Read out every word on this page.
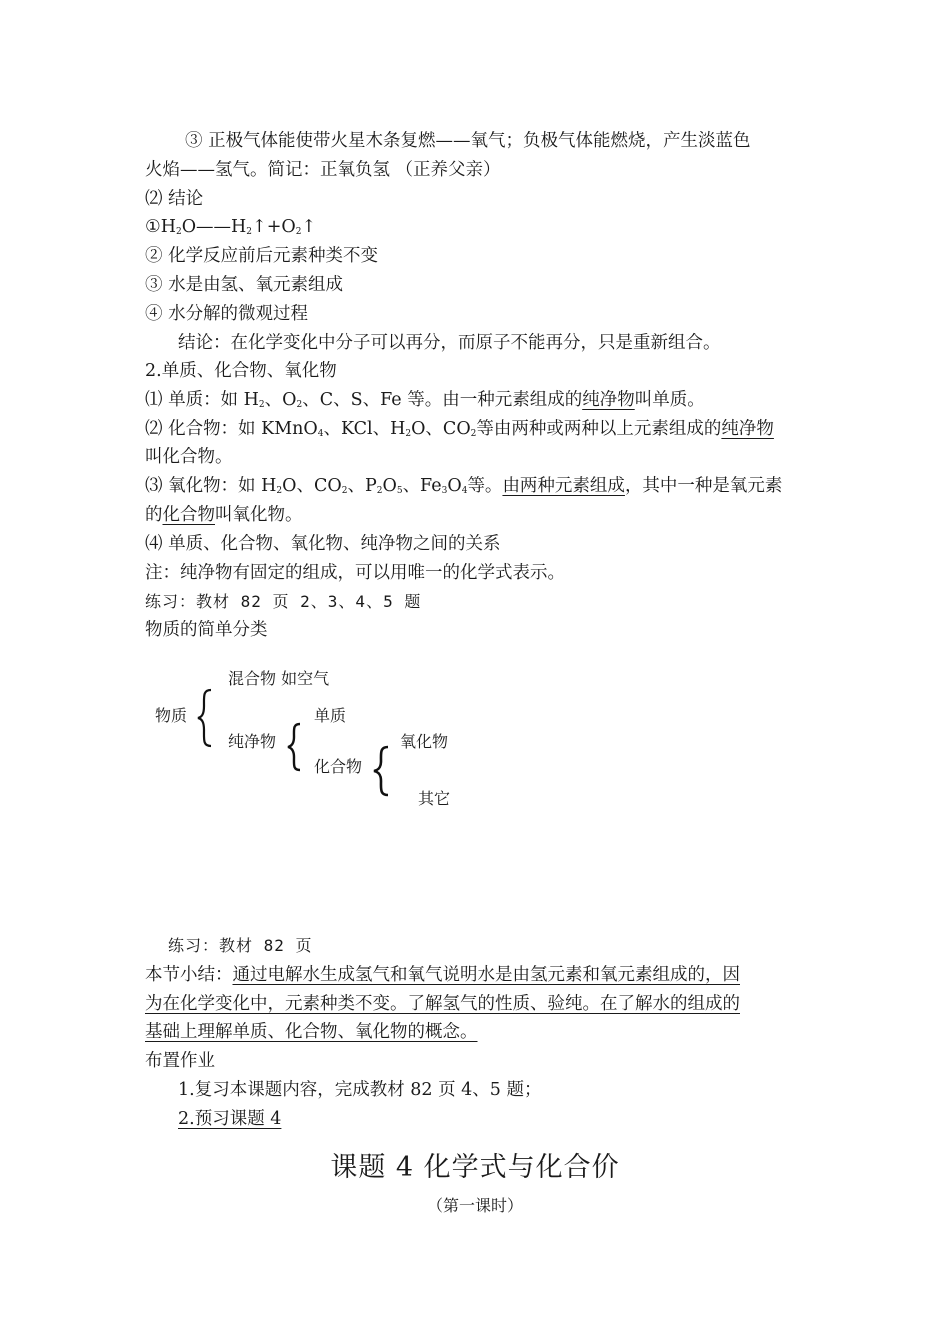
③ 正极气体能使带火星木条复燃——氧气；负极气体能燃烧，产生淡蓝色
火焰——氢气。简记：正氧负氢 （正养父亲）
⑵ 结论
$①H_2O——H_2↑+O_2↑$
② 化学反应前后元素种类不变
③ 水是由氢、氧元素组成
④ 水分解的微观过程
结论：在化学变化中分子可以再分，而原子不能再分，只是重新组合。
2.单质、化合物、氧化物
⑴ 单质：如 $H_2$、$O_2$、C、S、Fe 等。由一种元素组成的纯净物叫单质。
⑵ 化合物：如 KMnO$_4$、KCl、$H_2O$、$CO_2$等由两种或两种以上元素组成的纯净物
叫化合物。
⑶ 氧化物：如 $H_2O$、$CO_2$、$P_2O_5$、$Fe_3O_4$等。由两种元素组成，其中一种是氧元素
的化合物叫氧化物。
⑷ 单质、化合物、氧化物、纯净物之间的关系
注：纯净物有固定的组成，可以用唯一的化学式表示。
练习：教材 82 页 2、3、4、5 题
物质的简单分类
物质
混合物 如空气
纯净物
单质
化合物
氧化物
其它
练习：教材 82 页
本节小结：通过电解水生成氢气和氧气说明水是由氢元素和氧元素组成的，因
为在化学变化中，元素种类不变。了解氢气的性质、验纯。在了解水的组成的
基础上理解单质、化合物、氧化物的概念。
布置作业
1.复习本课题内容，完成教材 82 页 4、5 题；
2.预习课题 4
课题 4 化学式与化合价
（第一课时）
